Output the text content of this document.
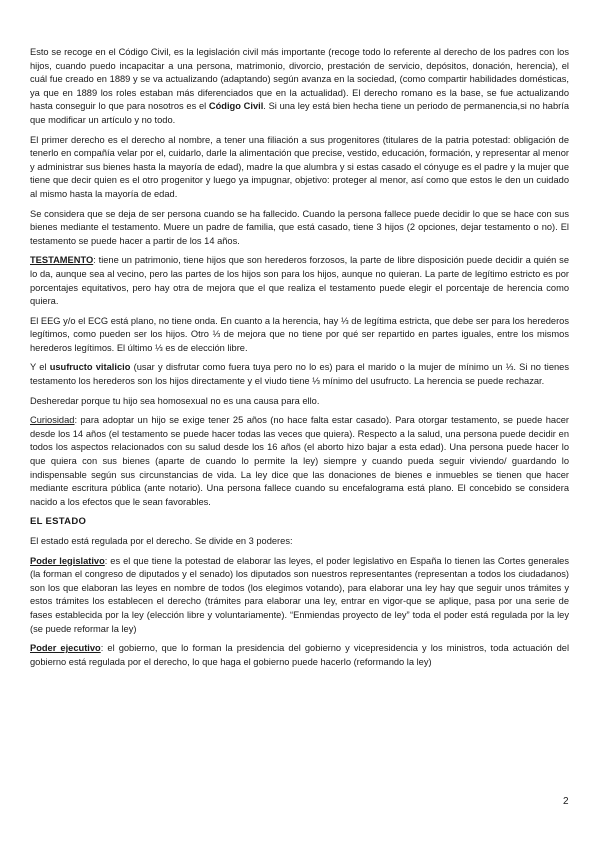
Esto se recoge en el Código Civil, es la legislación civil más importante (recoge todo lo referente al derecho de los padres con los hijos, cuando puedo incapacitar a una persona, matrimonio, divorcio, prestación de servicio, depósitos, donación, herencia), el cuál fue creado en 1889 y se va actualizando (adaptando) según avanza en la sociedad, (como compartir habilidades domésticas, ya que en 1889 los roles estaban más diferenciados que en la actualidad). El derecho romano es la base, se fue actualizando hasta conseguir lo que para nosotros es el Código Civil. Si una ley está bien hecha tiene un periodo de permanencia,si no habría que modificar un artículo y no todo.

El primer derecho es el derecho al nombre, a tener una filiación a sus progenitores (titulares de la patria potestad: obligación de tenerlo en compañía velar por el, cuidarlo, darle la alimentación que precise, vestido, educación, formación, y representar al menor y administrar sus bienes hasta la mayoría de edad), madre la que alumbra y si estas casado el cónyuge es el padre y la mujer que tiene que decir quien es el otro progenitor y luego ya impugnar, objetivo: proteger al menor, así como que estos le den un cuidado al mismo hasta la mayoría de edad.

Se considera que se deja de ser persona cuando se ha fallecido. Cuando la persona fallece puede decidir lo que se hace con sus bienes mediante el testamento. Muere un padre de familia, que está casado, tiene 3 hijos (2 opciones, dejar testamento o no). El testamento se puede hacer a partir de los 14 años.

TESTAMENTO: tiene un patrimonio, tiene hijos que son herederos forzosos, la parte de libre disposición puede decidir a quién se lo da, aunque sea al vecino, pero las partes de los hijos son para los hijos, aunque no quieran. La parte de legítimo estricto es por porcentajes equitativos, pero hay otra de mejora que el que realiza el testamento puede elegir el porcentaje de herencia como quiera.

El EEG y/o el ECG está plano, no tiene onda. En cuanto a la herencia, hay ⅓ de legítima estricta, que debe ser para los herederos legítimos, como pueden ser los hijos. Otro ⅓ de mejora que no tiene por qué ser repartido en partes iguales, entre los mismos herederos legítimos. El último ⅓ es de elección libre.

Y el usufructo vitalicio (usar y disfrutar como fuera tuya pero no lo es) para el marido o la mujer de mínimo un ⅓. Si no tienes testamento los herederos son los hijos directamente y el viudo tiene ⅓ mínimo del usufructo. La herencia se puede rechazar.

Desheredar porque tu hijo sea homosexual no es una causa para ello.

Curiosidad: para adoptar un hijo se exige tener 25 años (no hace falta estar casado). Para otorgar testamento, se puede hacer desde los 14 años (el testamento se puede hacer todas las veces que quiera). Respecto a la salud, una persona puede decidir en todos los aspectos relacionados con su salud desde los 16 años (el aborto hizo bajar a esta edad). Una persona puede hacer lo que quiera con sus bienes (aparte de cuando lo permite la ley) siempre y cuando pueda seguir viviendo/ guardando lo indispensable según sus circunstancias de vida. La ley dice que las donaciones de bienes e inmuebles se tienen que hacer mediante escritura pública (ante notario). Una persona fallece cuando su encefalograma está plano. El concebido se considera nacido a los efectos que le sean favorables.

EL ESTADO

El estado está regulada por el derecho. Se divide en 3 poderes:

Poder legislativo: es el que tiene la potestad de elaborar las leyes, el poder legislativo en España lo tienen las Cortes generales (la forman el congreso de diputados y el senado) los diputados son nuestros representantes (representan a todos los ciudadanos) son los que elaboran las leyes en nombre de todos (los elegimos votando), para elaborar una ley hay que seguir unos trámites y estos trámites los establecen el derecho (trámites para elaborar una ley, entrar en vigor-que se aplique, pasa por una serie de fases establecida por la ley (elección libre y voluntariamente). “Enmiendas proyecto de ley” toda el poder está regulada por la ley (se puede reformar la ley)

Poder ejecutivo: el gobierno, que lo forman la presidencia del gobierno y vicepresidencia y los ministros, toda actuación del gobierno está regulada por el derecho, lo que haga el gobierno puede hacerlo (reformando la ley)

2
